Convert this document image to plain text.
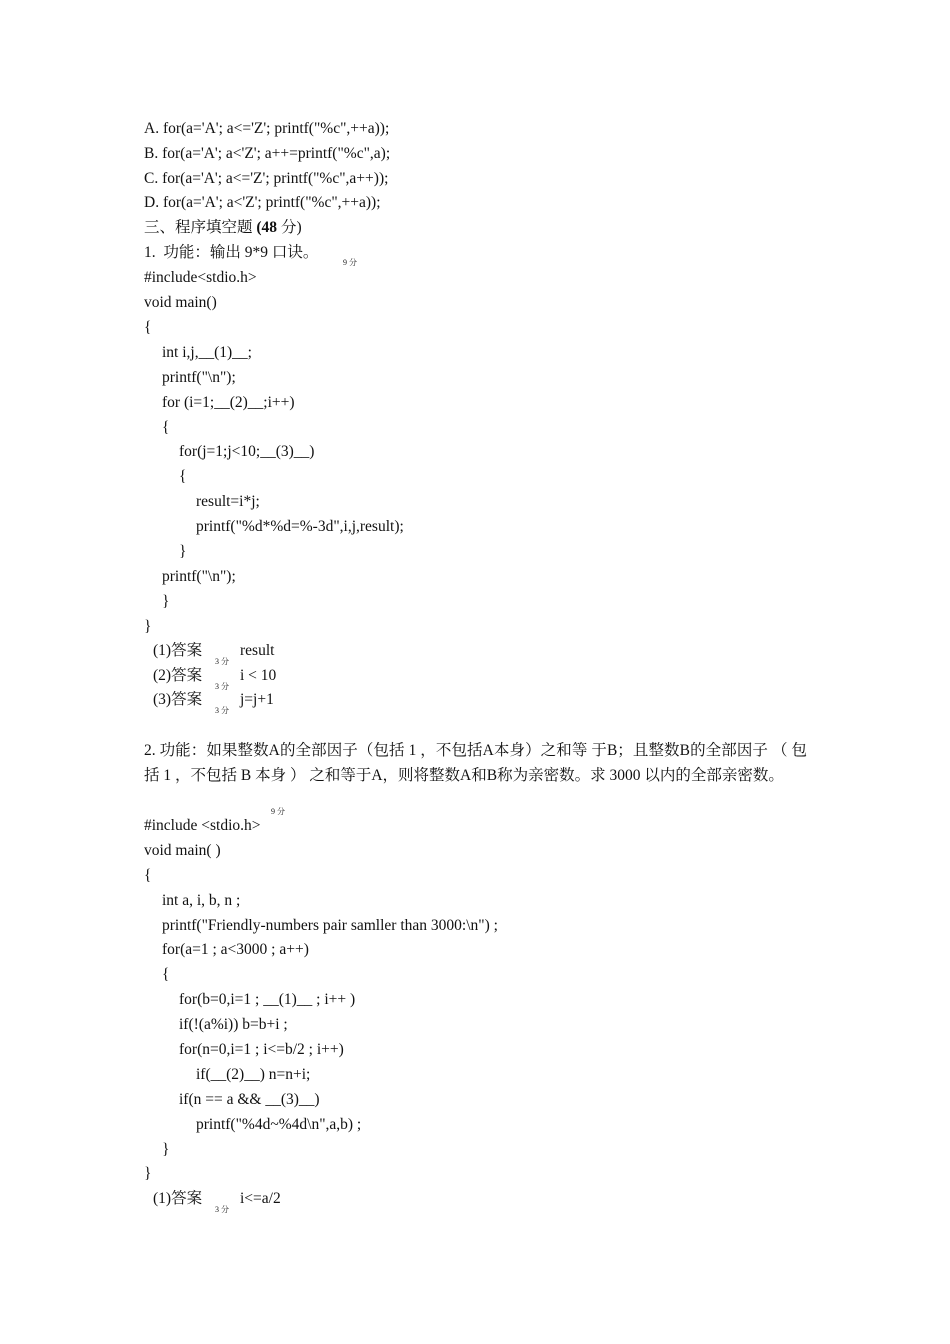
A. for(a='A'; a<='Z'; printf("%c",++a));
B. for(a='A'; a<'Z'; a++=printf("%c",a);
C. for(a='A'; a<='Z'; printf("%c",a++));
D. for(a='A'; a<'Z'; printf("%c",++a));
三、程序填空题 (48 分)
1.  功能：输出 9*9 口诀。
9 分
#include<stdio.h>
void main()
{
int i,j,__(1)__;
printf("\n");
for (i=1;__(2)__;i++)
{
for(j=1;j<10;__(3)__)
{
result=i*j;
printf("%d*%d=%-3d",i,j,result);
}
printf("\n");
}
}
(1)答案
3 分
result
(2)答案
3 分
i < 10
(3)答案
3 分
j=j+1
2. 功能：如果整数A的全部因子（包括 1 ，不包括A本身）之和等 于B；且整数B的全部因子 （ 包括 1 ，不包括 B 本身 ） 之和等于A，则将整数A和B称为亲密数。求 3000 以内的全部亲密数。
9 分
#include <stdio.h>
void main( )
{
int a, i, b, n ;
printf("Friendly-numbers pair samller than 3000:\n") ;
for(a=1 ; a<3000 ; a++)
{
for(b=0,i=1 ; __(1)__ ; i++ )
if(!(a%i)) b=b+i ;
for(n=0,i=1 ; i<=b/2 ; i++)
if(__(2)__) n=n+i;
if(n == a && __(3)__)
printf("%4d~%4d\n",a,b) ;
}
}
(1)答案
3 分
i<=a/2
